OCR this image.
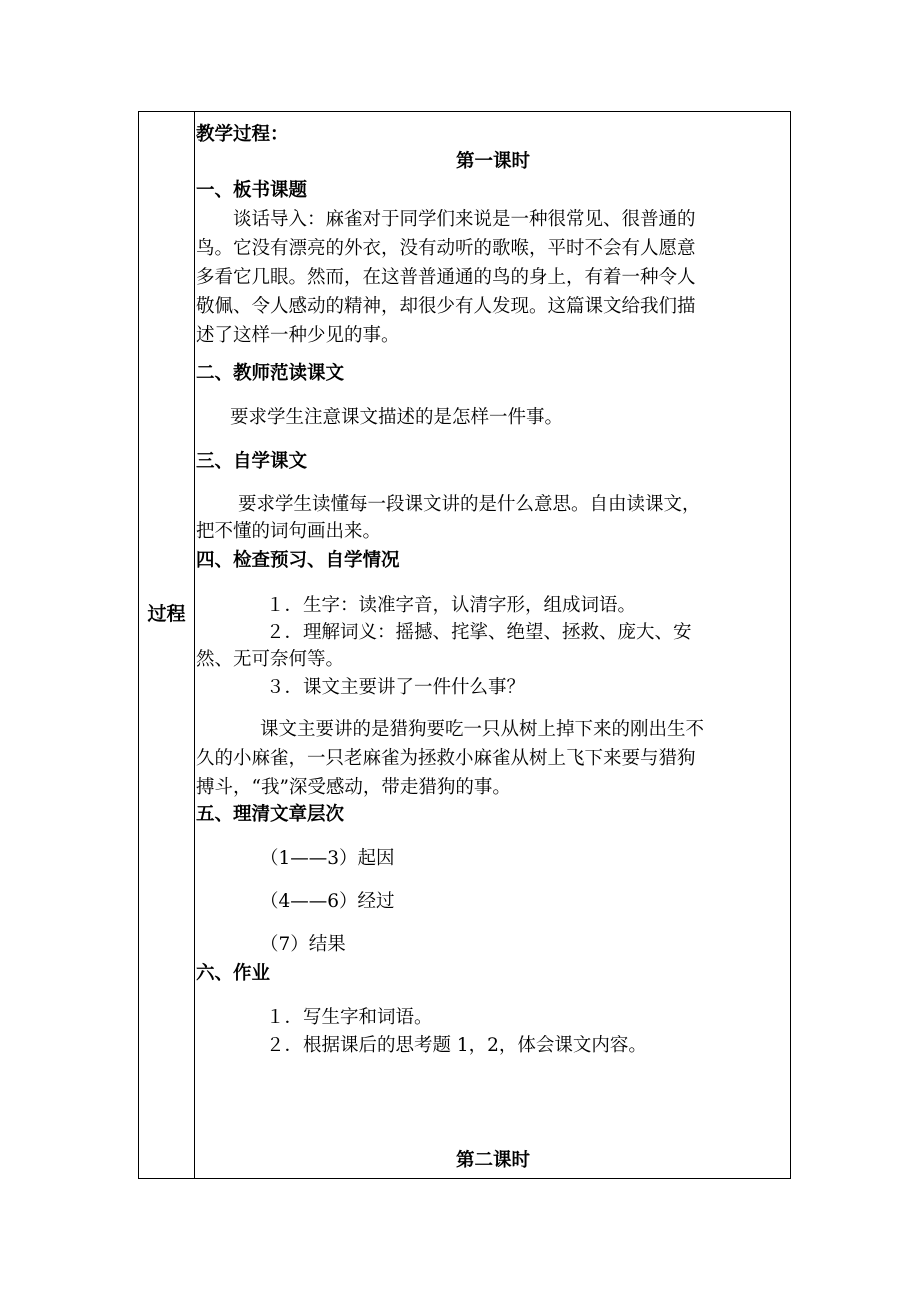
过程
教学过程：
第一课时
一、板书课题
　　谈话导入：麻雀对于同学们来说是一种很常见、很普通的
鸟。它没有漂亮的外衣，没有动听的歌喉，平时不会有人愿意
多看它几眼。然而，在这普普通通的鸟的身上，有着一种令人
敬佩、令人感动的精神，却很少有人发现。这篇课文给我们描
述了这样一种少见的事。
二、教师范读课文
要求学生注意课文描述的是怎样一件事。
三、自学课文
要求学生读懂每一段课文讲的是什么意思。自由读课文，
把不懂的词句画出来。
四、检查预习、自学情况
１．生字：读准字音，认清字形，组成词语。
２．理解词义：摇撼、挓挲、绝望、拯救、庞大、安
然、无可奈何等。
３．课文主要讲了一件什么事？
课文主要讲的是猎狗要吃一只从树上掉下来的刚出生不
久的小麻雀，一只老麻雀为拯救小麻雀从树上飞下来要与猎狗
搏斗，“我”深受感动，带走猎狗的事。
五、理清文章层次
（1——3）起因
（4——6）经过
（7）结果
六、作业
１．写生字和词语。
２．根据课后的思考题 1，2，体会课文内容。
第二课时
